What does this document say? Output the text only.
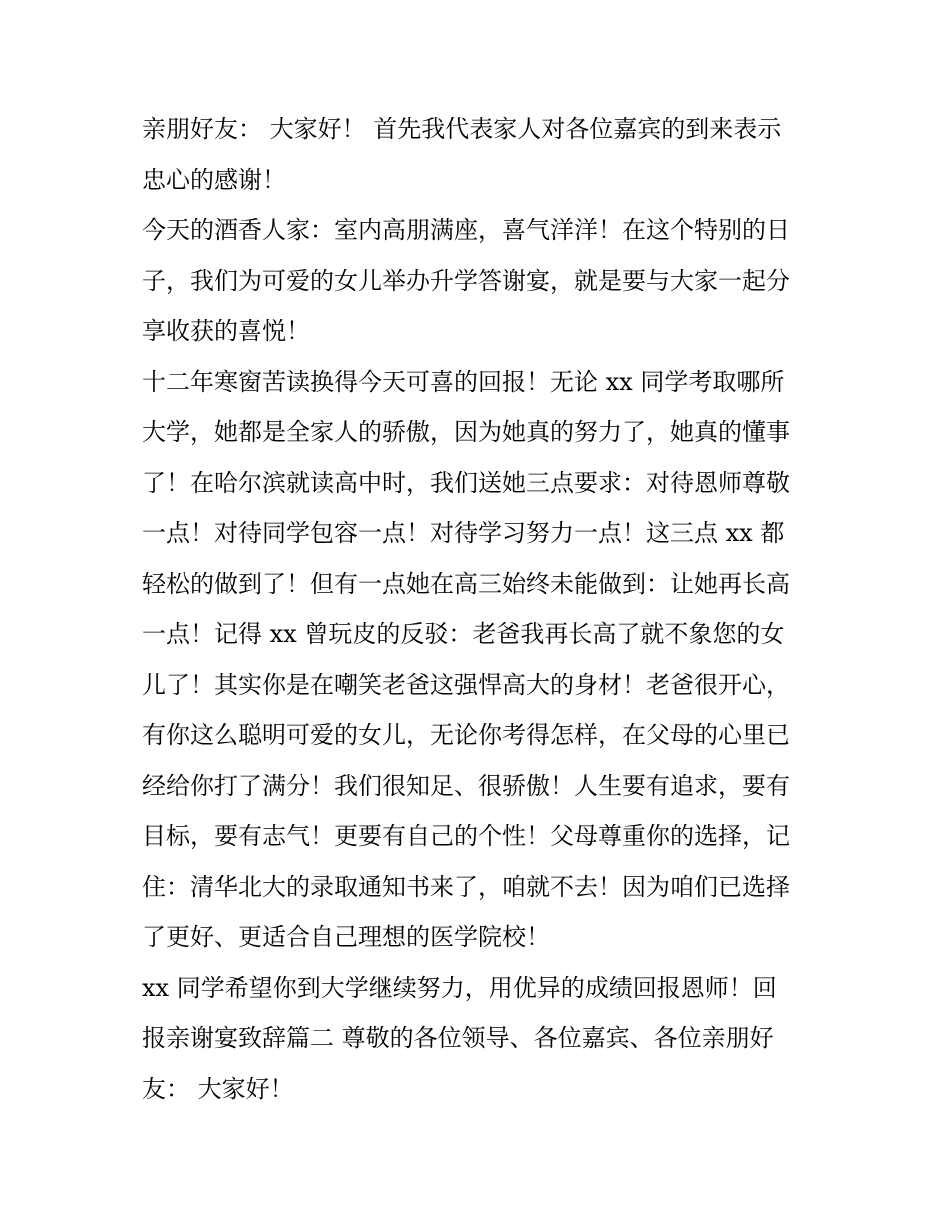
亲朋好友： 大家好！ 首先我代表家人对各位嘉宾的到来表示
忠心的感谢！
今天的酒香人家：室内高朋满座，喜气洋洋！在这个特别的日
子，我们为可爱的女儿举办升学答谢宴，就是要与大家一起分
享收获的喜悦！
十二年寒窗苦读换得今天可喜的回报！无论 xx 同学考取哪所
大学，她都是全家人的骄傲，因为她真的努力了，她真的懂事
了！在哈尔滨就读高中时，我们送她三点要求：对待恩师尊敬
一点！对待同学包容一点！对待学习努力一点！这三点 xx 都
轻松的做到了！但有一点她在高三始终未能做到：让她再长高
一点！记得 xx 曾玩皮的反驳：老爸我再长高了就不象您的女
儿了！其实你是在嘲笑老爸这强悍高大的身材！老爸很开心，
有你这么聪明可爱的女儿，无论你考得怎样，在父母的心里已
经给你打了满分！我们很知足、很骄傲！人生要有追求，要有
目标，要有志气！更要有自己的个性！父母尊重你的选择，记
住：清华北大的录取通知书来了，咱就不去！因为咱们已选择
了更好、更适合自己理想的医学院校！
xx 同学希望你到大学继续努力，用优异的成绩回报恩师！回
报亲谢宴致辞篇二 尊敬的各位领导、各位嘉宾、各位亲朋好
友： 大家好！
